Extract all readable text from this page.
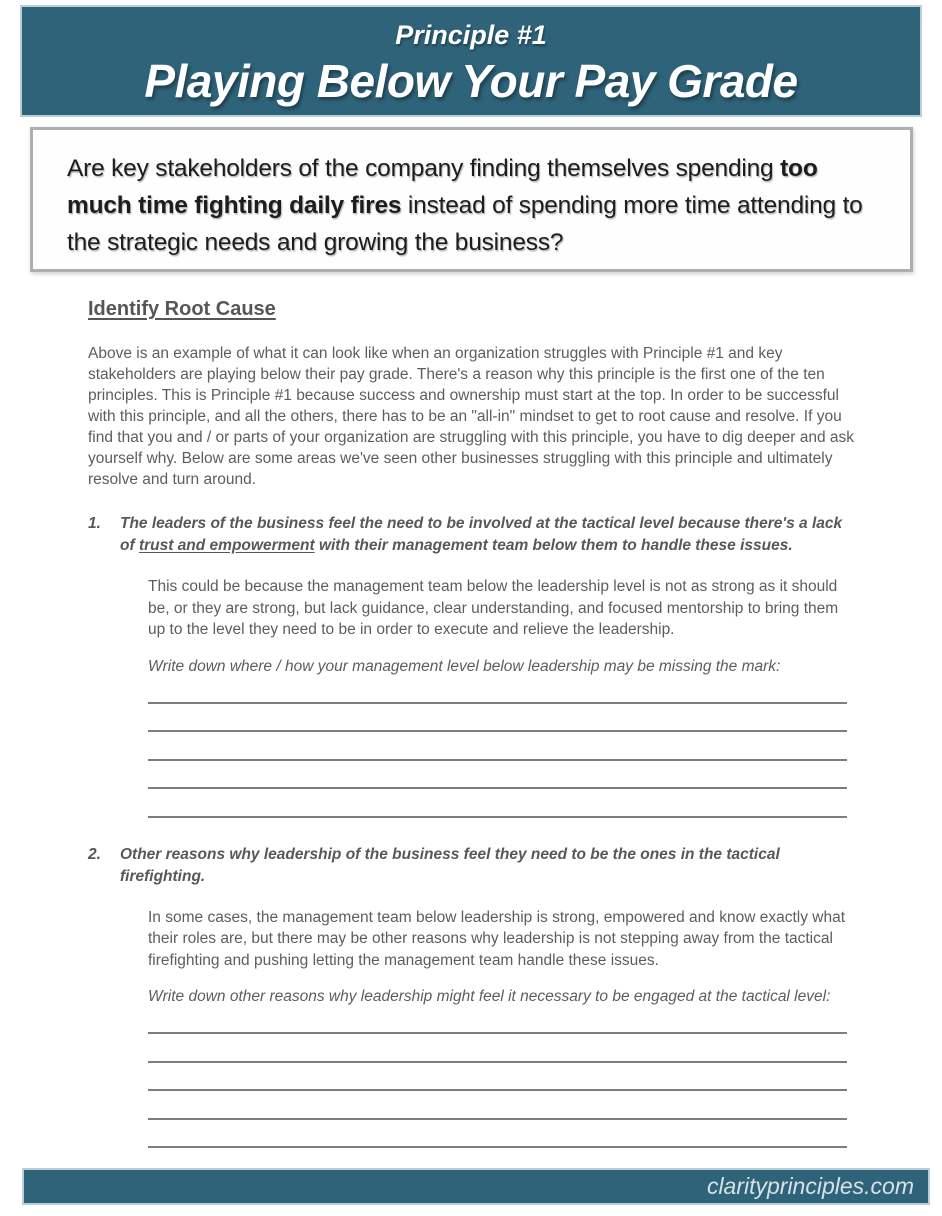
Principle #1
Playing Below Your Pay Grade
Are key stakeholders of the company finding themselves spending too much time fighting daily fires instead of spending more time attending to the strategic needs and growing the business?
Identify Root Cause
Above is an example of what it can look like when an organization struggles with Principle #1 and key stakeholders are playing below their pay grade. There's a reason why this principle is the first one of the ten principles. This is Principle #1 because success and ownership must start at the top. In order to be successful with this principle, and all the others, there has to be an "all-in" mindset to get to root cause and resolve. If you find that you and / or parts of your organization are struggling with this principle, you have to dig deeper and ask yourself why. Below are some areas we've seen other businesses struggling with this principle and ultimately resolve and turn around.
1.	The leaders of the business feel the need to be involved at the tactical level because there's a lack of trust and empowerment with their management team below them to handle these issues.
This could be because the management team below the leadership level is not as strong as it should be, or they are strong, but lack guidance, clear understanding, and focused mentorship to bring them up to the level they need to be in order to execute and relieve the leadership.
Write down where / how your management level below leadership may be missing the mark:
2.	Other reasons why leadership of the business feel they need to be the ones in the tactical firefighting.
In some cases, the management team below leadership is strong, empowered and know exactly what their roles are, but there may be other reasons why leadership is not stepping away from the tactical firefighting and pushing letting the management team handle these issues.
Write down other reasons why leadership might feel it necessary to be engaged at the tactical level:
clarityprinciples.com
